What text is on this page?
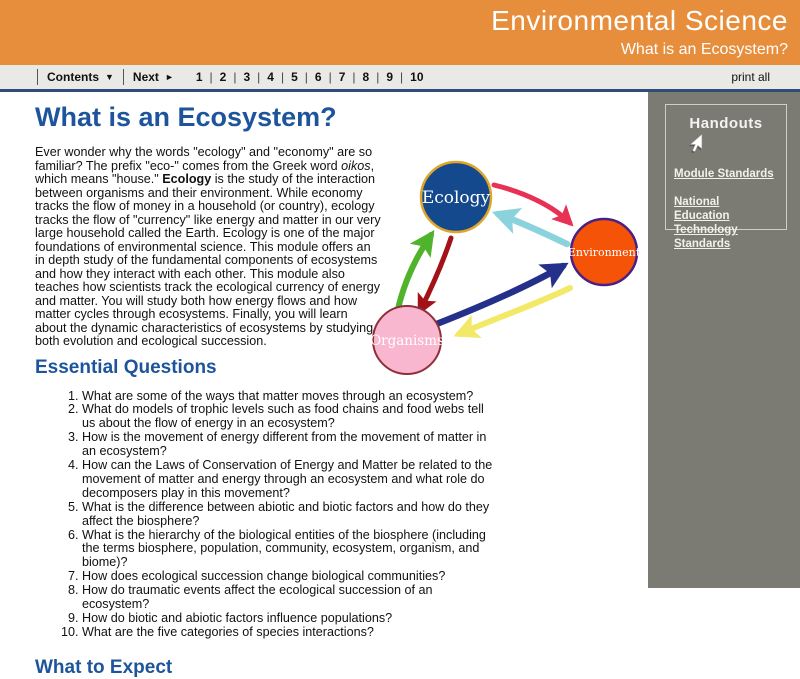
Environmental Science
What is an Ecosystem?
Contents ▼ Next ►	1 | 2 | 3 | 4 | 5 | 6 | 7 | 8 | 9 | 10	print all
What is an Ecosystem?

Ever wonder why the words "ecology" and "economy" are so familiar? The prefix "eco-" comes from the Greek word oikos, which means "house." Ecology is the study of the interaction between organisms and their environment. While economy tracks the flow of money in a household (or country), ecology tracks the flow of "currency" like energy and matter in our very large household called the Earth. Ecology is one of the major foundations of environmental science. This module offers an in depth study of the fundamental components of ecosystems and how they interact with each other. This module also teaches how scientists track the ecological currency of energy and matter. You will study both how energy flows and how matter cycles through ecosystems. Finally, you will learn about the dynamic characteristics of ecosystems by studying both evolution and ecological succession.

Ecology
Environment
Organisms
Essential Questions
1. What are some of the ways that matter moves through an ecosystem?
2. What do models of trophic levels such as food chains and food webs tell us about the flow of energy in an ecosystem?
3. How is the movement of energy different from the movement of matter in an ecosystem?
4. How can the Laws of Conservation of Energy and Matter be related to the movement of matter and energy through an ecosystem and what role do decomposers play in this movement?
5. What is the difference between abiotic and biotic factors and how do they affect the biosphere?
6. What is the hierarchy of the biological entities of the biosphere (including the terms biosphere, population, community, ecosystem, organism, and biome)?
7. How does ecological succession change biological communities?
8. How do traumatic events affect the ecological succession of an ecosystem?
9. How do biotic and abiotic factors influence populations?
10. What are the five categories of species interactions?
What to Expect
Handouts
Module Standards
National Education Technology Standards
